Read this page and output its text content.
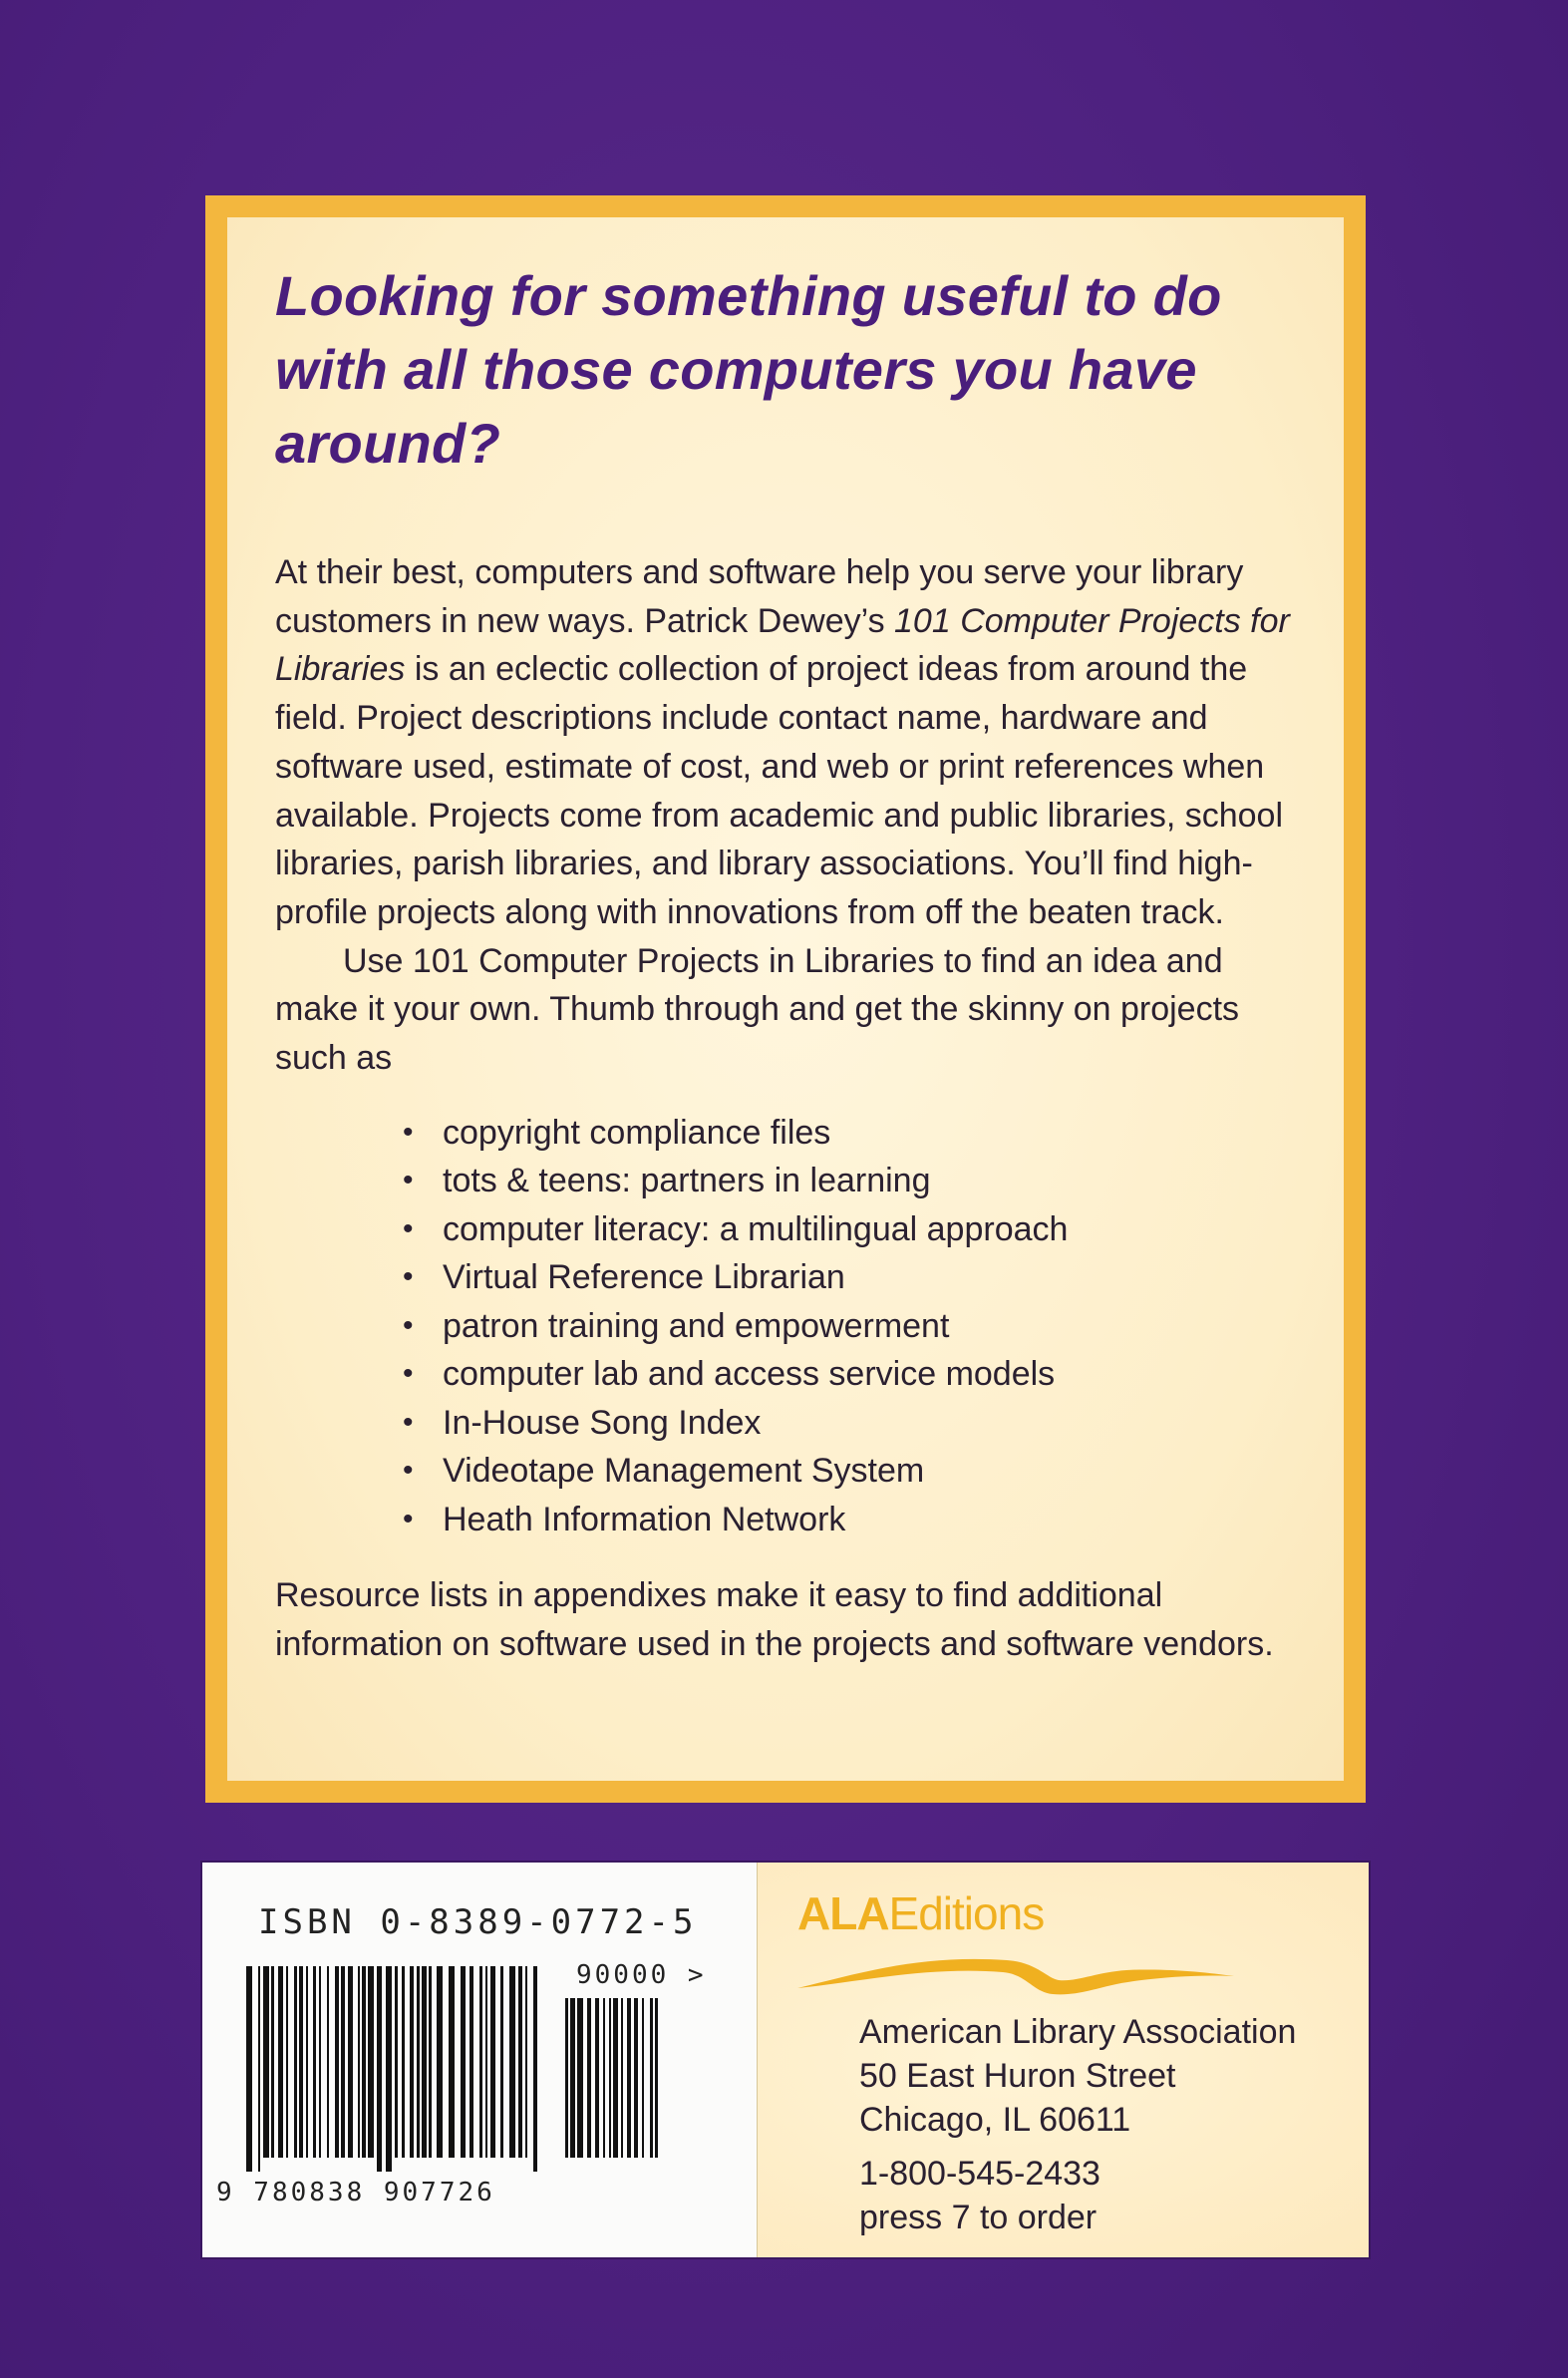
Looking for something useful to do with all those computers you have around?

At their best, computers and software help you serve your library customers in new ways. Patrick Dewey’s 101 Computer Projects for Libraries is an eclectic collection of project ideas from around the field. Project descriptions include contact name, hardware and software used, estimate of cost, and web or print references when available. Projects come from academic and public libraries, school libraries, parish libraries, and library associations. You’ll find high-profile projects along with innovations from off the beaten track.

Use 101 Computer Projects in Libraries to find an idea and make it your own. Thumb through and get the skinny on projects such as

• copyright compliance files
• tots & teens: partners in learning
• computer literacy: a multilingual approach
• Virtual Reference Librarian
• patron training and empowerment
• computer lab and access service models
• In-House Song Index
• Videotape Management System
• Heath Information Network

Resource lists in appendixes make it easy to find additional information on software used in the projects and software vendors.

ISBN 0-8389-0772-5
90000 >
9 780838 907726
ALAEditions
American Library Association
50 East Huron Street
Chicago, IL 60611
1-800-545-2433
press 7 to order
